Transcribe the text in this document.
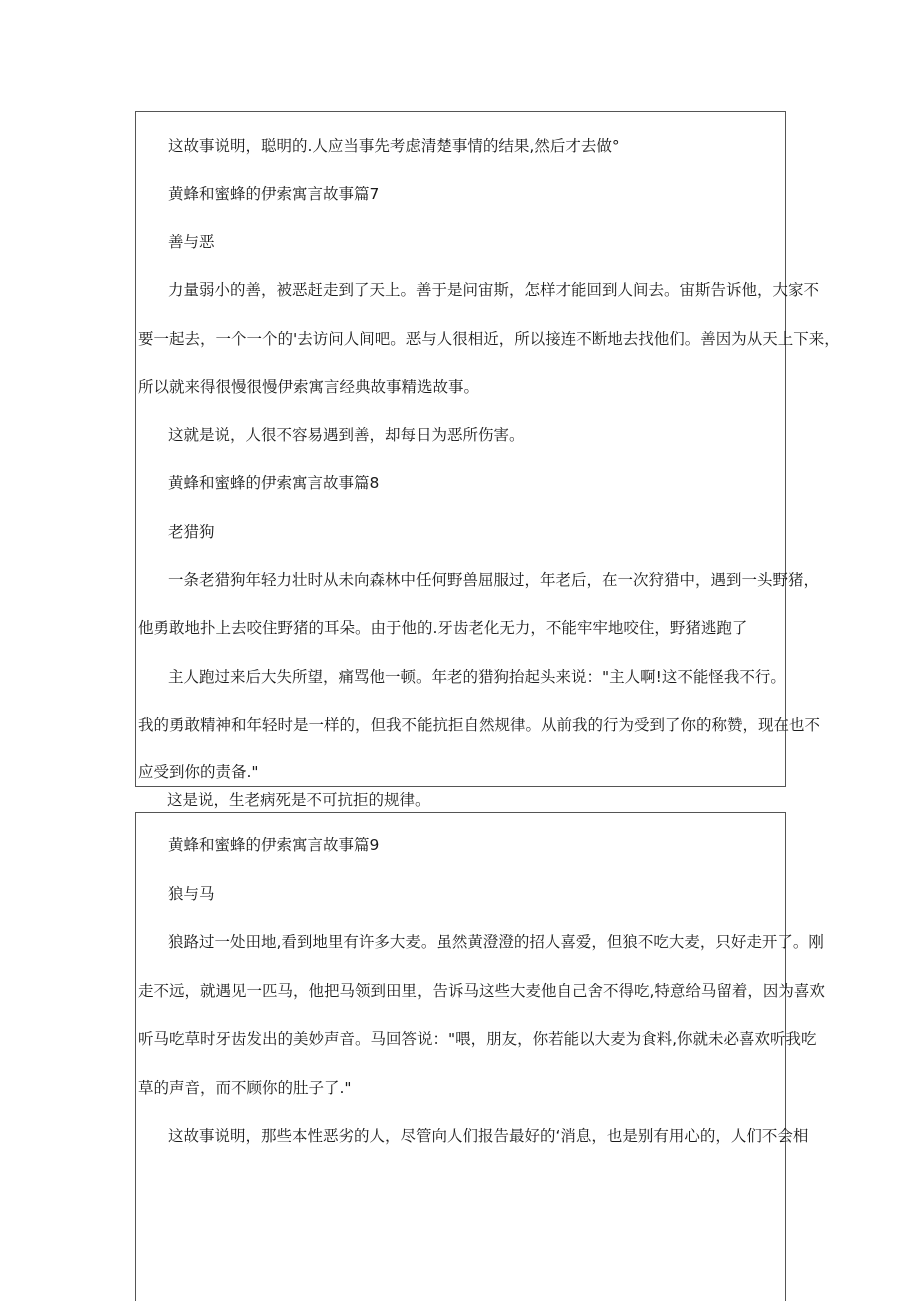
这故事说明，聪明的.人应当事先考虑清楚事情的结果,然后才去做°

黄蜂和蜜蜂的伊索寓言故事篇7

善与恶

力量弱小的善，被恶赶走到了天上。善于是问宙斯，怎样才能回到人间去。宙斯告诉他，大家不

要一起去，一个一个的'去访问人间吧。恶与人很相近，所以接连不断地去找他们。善因为从天上下来，

所以就来得很慢很慢伊索寓言经典故事精选故事。

这就是说，人很不容易遇到善，却每日为恶所伤害。

黄蜂和蜜蜂的伊索寓言故事篇8

老猎狗

一条老猎狗年轻力壮时从未向森林中任何野兽屈服过，年老后，在一次狩猎中，遇到一头野猪，

他勇敢地扑上去咬住野猪的耳朵。由于他的.牙齿老化无力，不能牢牢地咬住，野猪逃跑了

主人跑过来后大失所望，痛骂他一顿。年老的猎狗抬起头来说："主人啊!这不能怪我不行。

我的勇敢精神和年轻时是一样的，但我不能抗拒自然规律。从前我的行为受到了你的称赞，现在也不

应受到你的责备."

这是说，生老病死是不可抗拒的规律。

黄蜂和蜜蜂的伊索寓言故事篇9

狼与马

狼路过一处田地,看到地里有许多大麦。虽然黄澄澄的招人喜爱，但狼不吃大麦，只好走开了。刚

走不远，就遇见一匹马，他把马领到田里，告诉马这些大麦他自己舍不得吃,特意给马留着，因为喜欢

听马吃草时牙齿发出的美妙声音。马回答说："喂，朋友，你若能以大麦为食料,你就未必喜欢听我吃

草的声音，而不顾你的肚子了."

这故事说明，那些本性恶劣的人，尽管向人们报告最好的‘消息，也是别有用心的，人们不会相
